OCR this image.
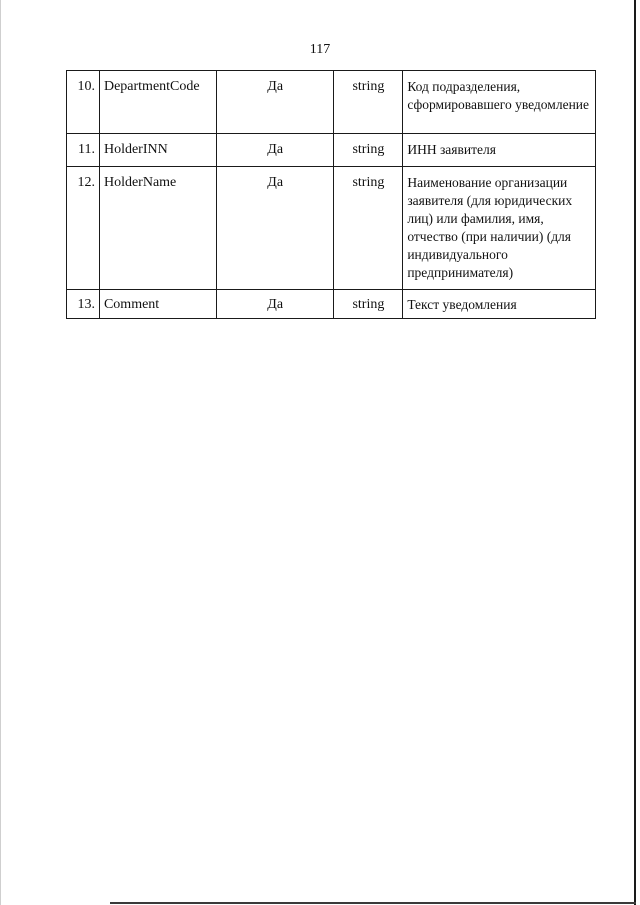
117
10.	DepartmentCode	Да	string	Код подразделения, сформировавшего уведомление
11.	HolderINN	Да	string	ИНН заявителя
12.	HolderName	Да	string	Наименование организации заявителя (для юридических лиц) или фамилия, имя, отчество (при наличии) (для индивидуального предпринимателя)
13.	Comment	Да	string	Текст уведомления
